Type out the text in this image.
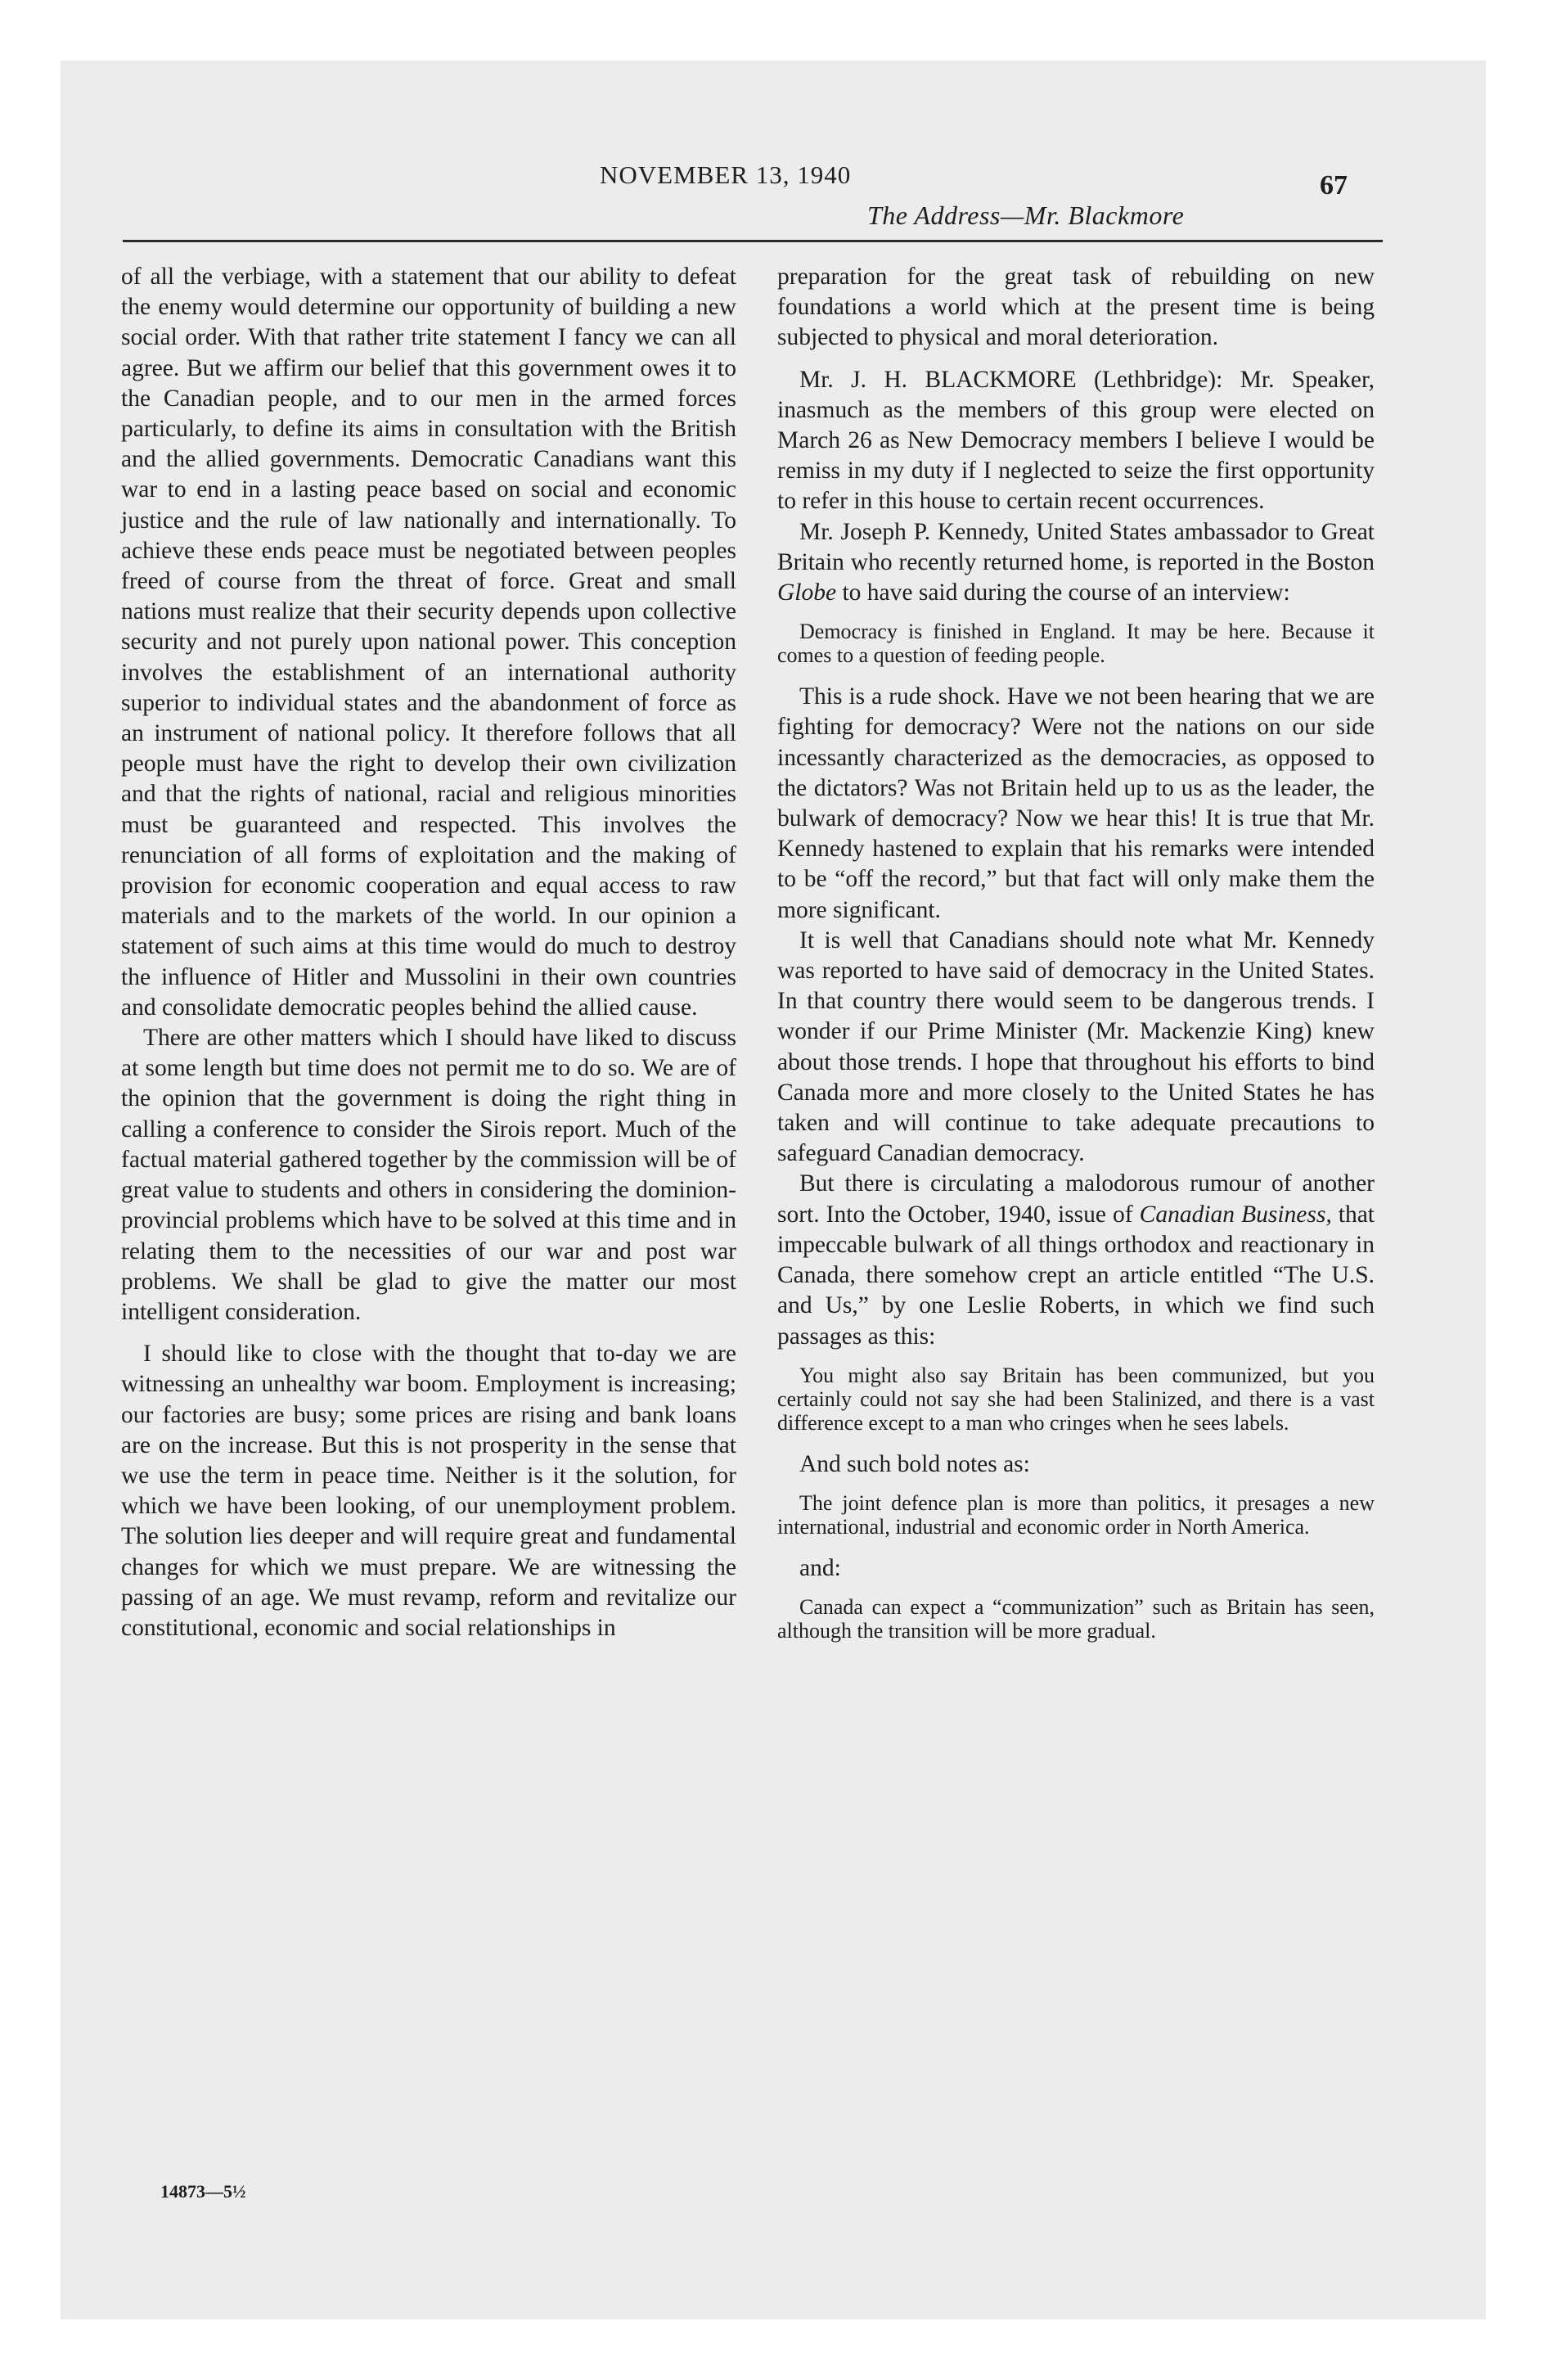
NOVEMBER 13, 1940	67
The Address—Mr. Blackmore

of all the verbiage, with a statement that our ability to defeat the enemy would determine our opportunity of building a new social order. With that rather trite statement I fancy we can all agree. But we affirm our belief that this government owes it to the Canadian people, and to our men in the armed forces particularly, to define its aims in consultation with the British and the allied governments. Democratic Canadians want this war to end in a lasting peace based on social and economic justice and the rule of law nationally and internationally. To achieve these ends peace must be negotiated between peoples freed of course from the threat of force. Great and small nations must realize that their security depends upon collective security and not purely upon national power. This conception involves the establishment of an international authority superior to individual states and the abandonment of force as an instrument of national policy. It therefore follows that all people must have the right to develop their own civilization and that the rights of national, racial and religious minorities must be guaranteed and respected. This involves the renunciation of all forms of exploitation and the making of provision for economic cooperation and equal access to raw materials and to the markets of the world. In our opinion a statement of such aims at this time would do much to destroy the influence of Hitler and Mussolini in their own countries and consolidate democratic peoples behind the allied cause.

There are other matters which I should have liked to discuss at some length but time does not permit me to do so. We are of the opinion that the government is doing the right thing in calling a conference to consider the Sirois report. Much of the factual material gathered together by the commission will be of great value to students and others in considering the dominion-provincial problems which have to be solved at this time and in relating them to the necessities of our war and post war problems. We shall be glad to give the matter our most intelligent consideration.

I should like to close with the thought that to-day we are witnessing an unhealthy war boom. Employment is increasing; our factories are busy; some prices are rising and bank loans are on the increase. But this is not prosperity in the sense that we use the term in peace time. Neither is it the solution, for which we have been looking, of our unemployment problem. The solution lies deeper and will require great and fundamental changes for which we must prepare. We are witnessing the passing of an age. We must revamp, reform and revitalize our constitutional, economic and social relationships in

preparation for the great task of rebuilding on new foundations a world which at the present time is being subjected to physical and moral deterioration.

Mr. J. H. BLACKMORE (Lethbridge): Mr. Speaker, inasmuch as the members of this group were elected on March 26 as New Democracy members I believe I would be remiss in my duty if I neglected to seize the first opportunity to refer in this house to certain recent occurrences.

Mr. Joseph P. Kennedy, United States ambassador to Great Britain who recently returned home, is reported in the Boston Globe to have said during the course of an interview:

Democracy is finished in England. It may be here. Because it comes to a question of feeding people.

This is a rude shock. Have we not been hearing that we are fighting for democracy? Were not the nations on our side incessantly characterized as the democracies, as opposed to the dictators? Was not Britain held up to us as the leader, the bulwark of democracy? Now we hear this! It is true that Mr. Kennedy hastened to explain that his remarks were intended to be “off the record,” but that fact will only make them the more significant.

It is well that Canadians should note what Mr. Kennedy was reported to have said of democracy in the United States. In that country there would seem to be dangerous trends. I wonder if our Prime Minister (Mr. Mackenzie King) knew about those trends. I hope that throughout his efforts to bind Canada more and more closely to the United States he has taken and will continue to take adequate precautions to safeguard Canadian democracy.

But there is circulating a malodorous rumour of another sort. Into the October, 1940, issue of Canadian Business, that impeccable bulwark of all things orthodox and reactionary in Canada, there somehow crept an article entitled “The U.S. and Us,” by one Leslie Roberts, in which we find such passages as this:

You might also say Britain has been communized, but you certainly could not say she had been Stalinized, and there is a vast difference except to a man who cringes when he sees labels.

And such bold notes as:

The joint defence plan is more than politics, it presages a new international, industrial and economic order in North America.

and:

Canada can expect a “communization” such as Britain has seen, although the transition will be more gradual.

14873—5½
